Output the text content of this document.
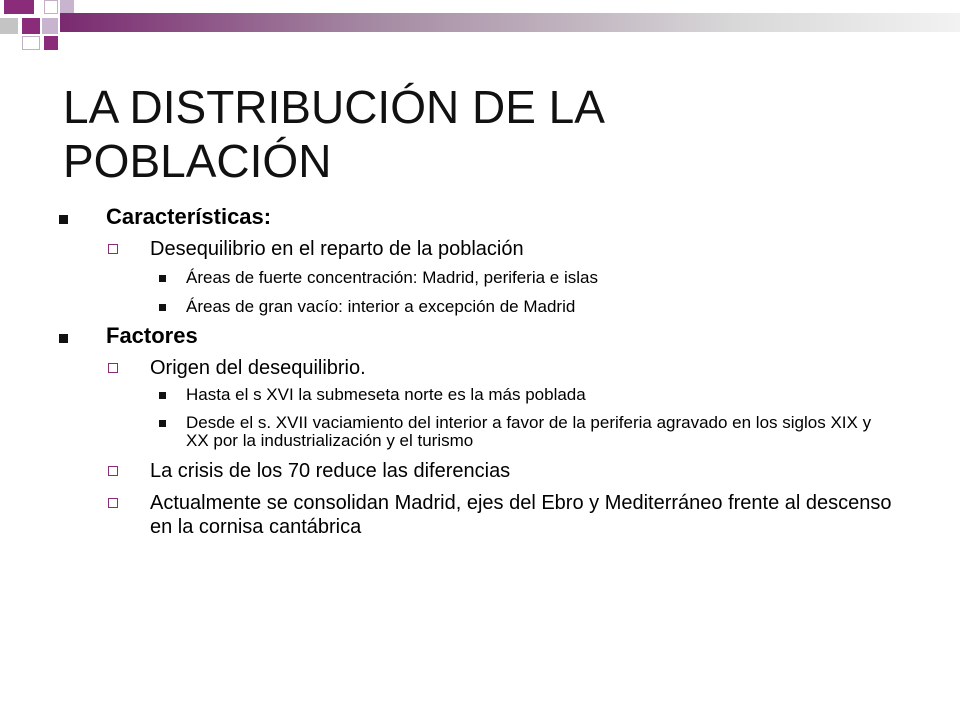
LA DISTRIBUCIÓN DE LA
POBLACIÓN
Características:
Desequilibrio en el reparto de la población
Áreas de fuerte concentración: Madrid, periferia e islas
Áreas de gran vacío: interior a excepción de Madrid
Factores
Origen del desequilibrio.
Hasta el s XVI la submeseta norte es la más poblada
Desde el s. XVII vaciamiento del interior a favor de la periferia agravado en los siglos XIX y XX por la industrialización y el turismo
La crisis de los 70 reduce las diferencias
Actualmente se consolidan Madrid, ejes del Ebro y Mediterráneo frente al descenso en la cornisa cantábrica
